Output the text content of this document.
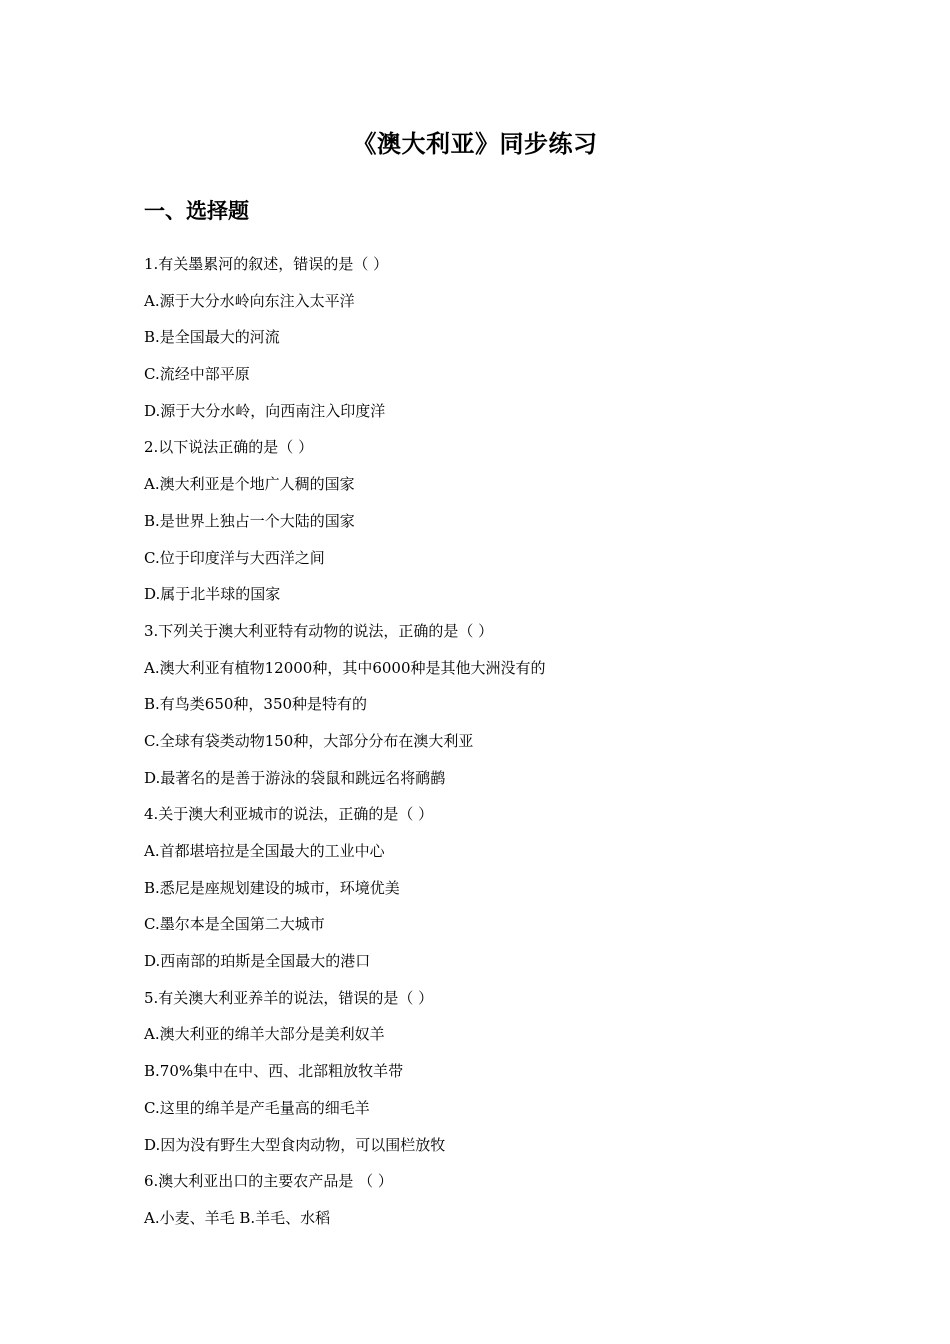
《澳大利亚》同步练习
一、选择题
1.有关墨累河的叙述，错误的是（ ）
A.源于大分水岭向东注入太平洋
B.是全国最大的河流
C.流经中部平原
D.源于大分水岭，向西南注入印度洋
2.以下说法正确的是（ ）
A.澳大利亚是个地广人稠的国家
B.是世界上独占一个大陆的国家
C.位于印度洋与大西洋之间
D.属于北半球的国家
3.下列关于澳大利亚特有动物的说法，正确的是（ ）
A.澳大利亚有植物12000种，其中6000种是其他大洲没有的
B.有鸟类650种，350种是特有的
C.全球有袋类动物150种，大部分分布在澳大利亚
D.最著名的是善于游泳的袋鼠和跳远名将鸸鹋
4.关于澳大利亚城市的说法，正确的是（ ）
A.首都堪培拉是全国最大的工业中心
B.悉尼是座规划建设的城市，环境优美
C.墨尔本是全国第二大城市
D.西南部的珀斯是全国最大的港口
5.有关澳大利亚养羊的说法，错误的是（ ）
A.澳大利亚的绵羊大部分是美利奴羊
B.70%集中在中、西、北部粗放牧羊带
C.这里的绵羊是产毛量高的细毛羊
D.因为没有野生大型食肉动物，可以围栏放牧
6.澳大利亚出口的主要农产品是 （ ）
A.小麦、羊毛 B.羊毛、水稻
